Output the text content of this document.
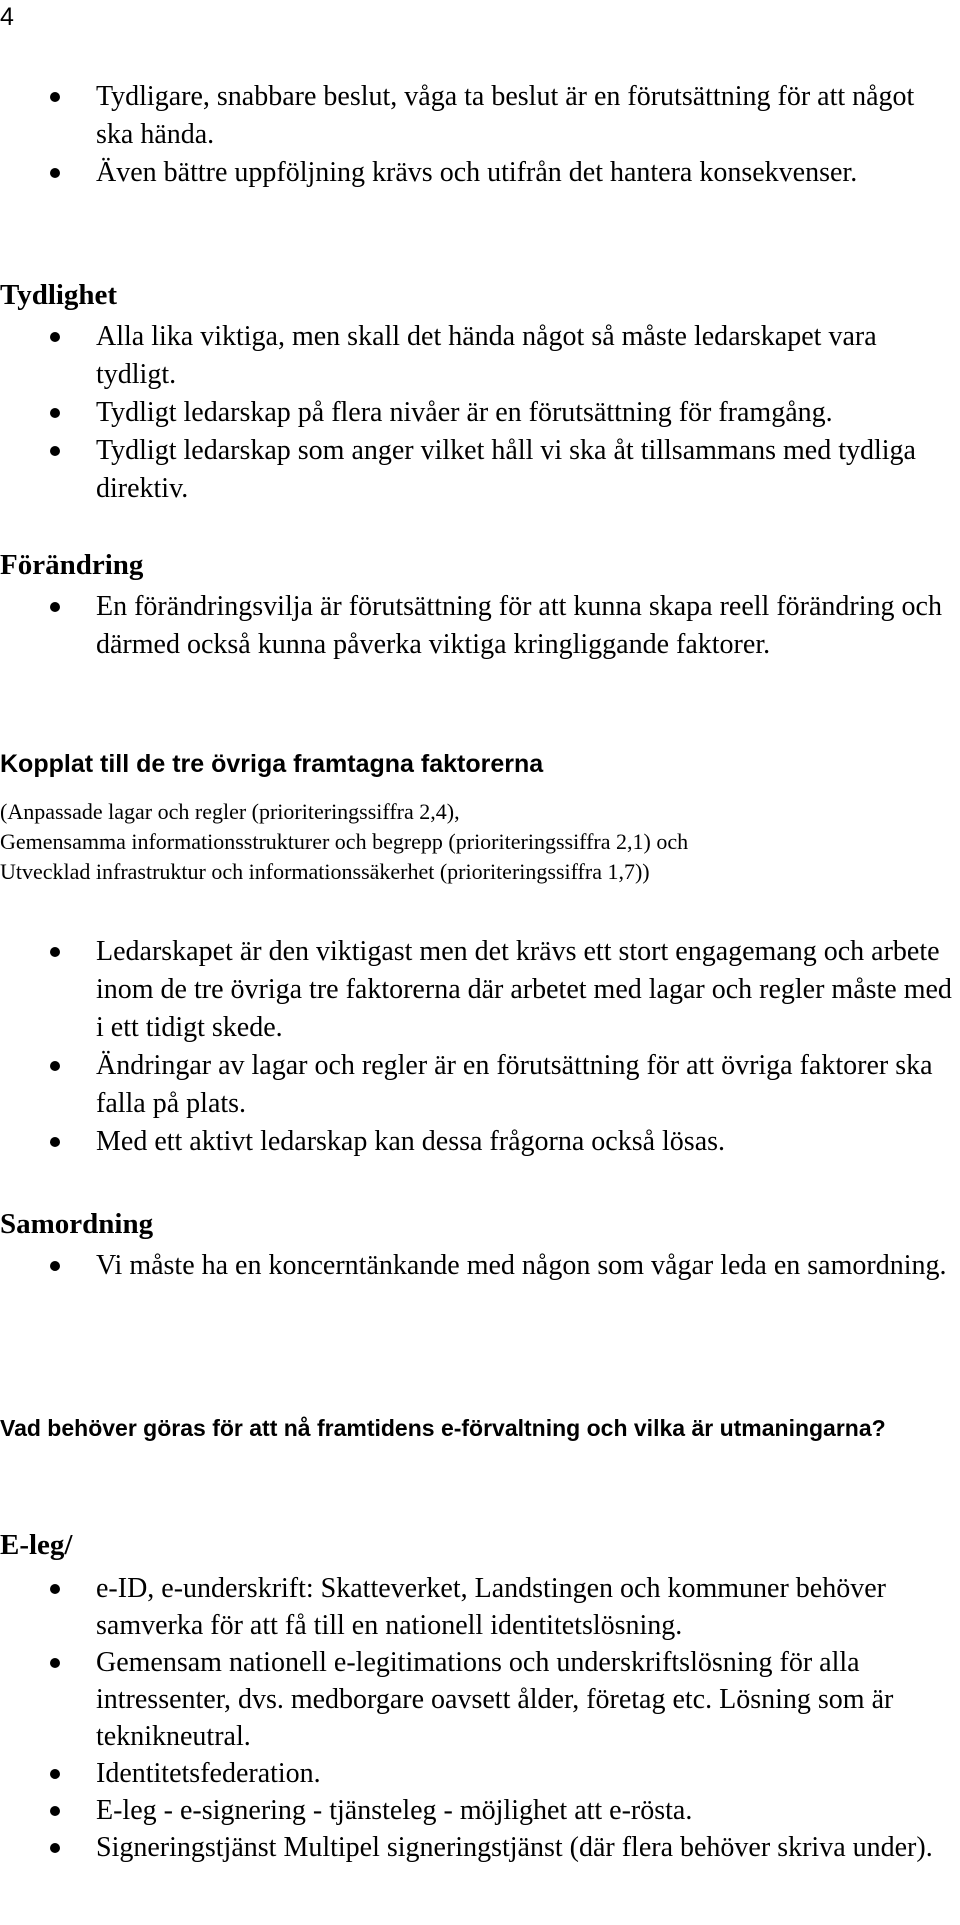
4
Tydligare, snabbare beslut, våga ta beslut är en förutsättning för att något ska hända.
Även bättre uppföljning krävs och utifrån det hantera konsekvenser.
Tydlighet
Alla lika viktiga, men skall det hända något så måste ledarskapet vara tydligt.
Tydligt ledarskap på flera nivåer är en förutsättning för framgång.
Tydligt ledarskap som anger vilket håll vi ska åt tillsammans med tydliga direktiv.
Förändring
En förändringsvilja är förutsättning för att kunna skapa reell förändring och därmed också kunna påverka viktiga kringliggande faktorer.
Kopplat till de tre övriga framtagna faktorerna

(Anpassade lagar och regler (prioriteringssiffra 2,4),

Gemensamma informationsstrukturer och begrepp (prioriteringssiffra 2,1) och

Utvecklad infrastruktur och informationssäkerhet (prioriteringssiffra 1,7))

Ledarskapet är den viktigast men det krävs ett stort engagemang och arbete inom de tre övriga tre faktorerna där arbetet med lagar och regler måste med i ett tidigt skede.
Ändringar av lagar och regler är en förutsättning för att övriga faktorer ska falla på plats.
Med ett aktivt ledarskap kan dessa frågorna också lösas.
Samordning
Vi måste ha en koncerntänkande med någon som vågar leda en samordning.
Vad behöver göras för att nå framtidens e-förvaltning och vilka är utmaningarna?
E-leg/
e-ID, e-underskrift: Skatteverket, Landstingen och kommuner behöver samverka för att få till en nationell identitetslösning.
Gemensam nationell e-legitimations och underskriftslösning för alla intressenter, dvs. medborgare oavsett ålder, företag etc. Lösning som är teknikneutral.
Identitetsfederation.
E-leg - e-signering - tjänsteleg - möjlighet att e-rösta.
Signeringstjänst Multipel signeringstjänst (där flera behöver skriva under).
